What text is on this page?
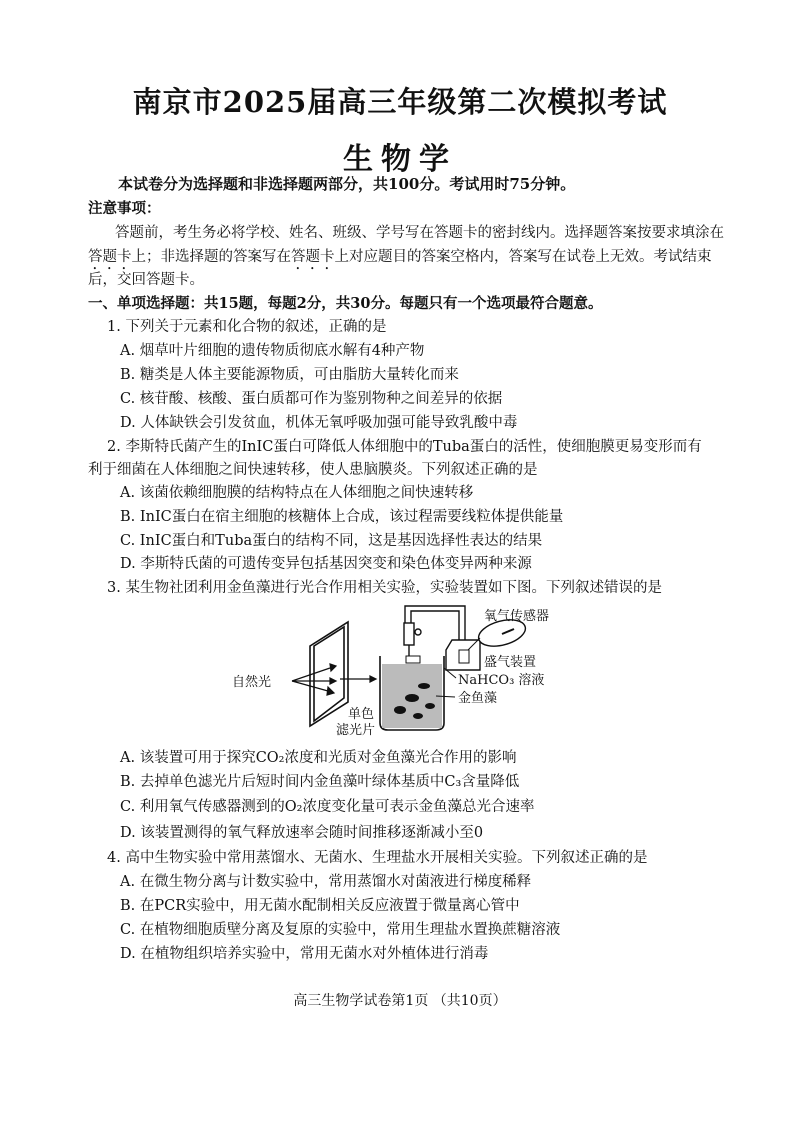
南京市2025届高三年级第二次模拟考试
生物学
本试卷分为选择题和非选择题两部分，共100分。考试用时75分钟。
注意事项：
答题前，考生务必将学校、姓名、班级、学号写在答题卡的密封线内。选择题答案按要求填涂在
答题卡上；非选择题的答案写在答题卡上对应题目的答案空格内，答案写在试卷上无效。考试结束
后，交回答题卡。
一、单项选择题：共15题，每题2分，共30分。每题只有一个选项最符合题意。
1. 下列关于元素和化合物的叙述，正确的是
A. 烟草叶片细胞的遗传物质彻底水解有4种产物
B. 糖类是人体主要能源物质，可由脂肪大量转化而来
C. 核苷酸、核酸、蛋白质都可作为鉴别物种之间差异的依据
D. 人体缺铁会引发贫血，机体无氧呼吸加强可能导致乳酸中毒
2. 李斯特氏菌产生的InIC蛋白可降低人体细胞中的Tuba蛋白的活性，使细胞膜更易变形而有
利于细菌在人体细胞之间快速转移，使人患脑膜炎。下列叙述正确的是
A. 该菌依赖细胞膜的结构特点在人体细胞之间快速转移
B. InIC蛋白在宿主细胞的核糖体上合成，该过程需要线粒体提供能量
C. InIC蛋白和Tuba蛋白的结构不同，这是基因选择性表达的结果
D. 李斯特氏菌的可遗传变异包括基因突变和染色体变异两种来源
3. 某生物社团利用金鱼藻进行光合作用相关实验，实验装置如下图。下列叙述错误的是
自然光
单色
滤光片
氧气传感器
盛气装置
NaHCO₃ 溶液
金鱼藻
A. 该装置可用于探究CO₂浓度和光质对金鱼藻光合作用的影响
B. 去掉单色滤光片后短时间内金鱼藻叶绿体基质中C₃含量降低
C. 利用氧气传感器测到的O₂浓度变化量可表示金鱼藻总光合速率
D. 该装置测得的氧气释放速率会随时间推移逐渐减小至0
4. 高中生物实验中常用蒸馏水、无菌水、生理盐水开展相关实验。下列叙述正确的是
A. 在微生物分离与计数实验中，常用蒸馏水对菌液进行梯度稀释
B. 在PCR实验中，用无菌水配制相关反应液置于微量离心管中
C. 在植物细胞质壁分离及复原的实验中，常用生理盐水置换蔗糖溶液
D. 在植物组织培养实验中，常用无菌水对外植体进行消毒
高三生物学试卷第1页 （共10页）
